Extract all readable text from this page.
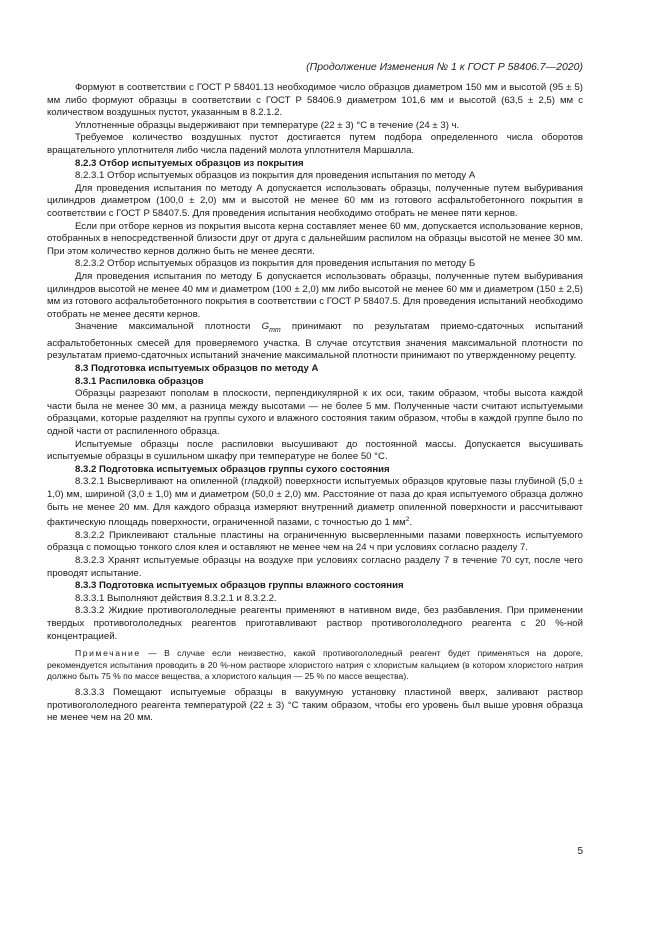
(Продолжение Изменения № 1 к ГОСТ Р 58406.7—2020)

Формуют в соответствии с ГОСТ Р 58401.13 необходимое число образцов диаметром 150 мм и высотой (95 ± 5) мм либо формуют образцы в соответствии с ГОСТ Р 58406.9 диаметром 101,6 мм и высотой (63,5 ± 2,5) мм с количеством воздушных пустот, указанным в 8.2.1.2.

Уплотненные образцы выдерживают при температуре (22 ± 3) °С в течение (24 ± 3) ч.

Требуемое количество воздушных пустот достигается путем подбора определенного числа оборотов вращательного уплотнителя либо числа падений молота уплотнителя Маршалла.

8.2.3 Отбор испытуемых образцов из покрытия

8.2.3.1 Отбор испытуемых образцов из покрытия для проведения испытания по методу А

Для проведения испытания по методу А допускается использовать образцы, полученные путем выбуривания цилиндров диаметром (100,0 ± 2,0) мм и высотой не менее 60 мм из готового асфальтобетонного покрытия в соответствии с ГОСТ Р 58407.5. Для проведения испытания необходимо отобрать не менее пяти кернов.

Если при отборе кернов из покрытия высота керна составляет менее 60 мм, допускается использование кернов, отобранных в непосредственной близости друг от друга с дальнейшим распилом на образцы высотой не менее 30 мм. При этом количество кернов должно быть не менее десяти.

8.2.3.2 Отбор испытуемых образцов из покрытия для проведения испытания по методу Б

Для проведения испытания по методу Б допускается использовать образцы, полученные путем выбуривания цилиндров высотой не менее 40 мм и диаметром (100 ± 2,0) мм либо высотой не менее 60 мм и диаметром (150 ± 2,5) мм из готового асфальтобетонного покрытия в соответствии с ГОСТ Р 58407.5. Для проведения испытаний необходимо отобрать не менее десяти кернов.

Значение максимальной плотности $G_{mm}$ принимают по результатам приемо-сдаточных испытаний асфальтобетонных смесей для проверяемого участка. В случае отсутствия значения максимальной плотности по результатам приемо-сдаточных испытаний значение максимальной плотности принимают по утвержденному рецепту.

8.3 Подготовка испытуемых образцов по методу А

8.3.1 Распиловка образцов

Образцы разрезают пополам в плоскости, перпендикулярной к их оси, таким образом, чтобы высота каждой части была не менее 30 мм, а разница между высотами — не более 5 мм. Полученные части считают испытуемыми образцами, которые разделяют на группы сухого и влажного состояния таким образом, чтобы в каждой группе было по одной части от распиленного образца.

Испытуемые образцы после распиловки высушивают до постоянной массы. Допускается высушивать испытуемые образцы в сушильном шкафу при температуре не более 50 °С.

8.3.2 Подготовка испытуемых образцов группы сухого состояния

8.3.2.1 Высверливают на опиленной (гладкой) поверхности испытуемых образцов круговые пазы глубиной (5,0 ± 1,0) мм, шириной (3,0 ± 1,0) мм и диаметром (50,0 ± 2,0) мм. Расстояние от паза до края испытуемого образца должно быть не менее 20 мм. Для каждого образца измеряют внутренний диаметр опиленной поверхности и рассчитывают фактическую площадь поверхности, ограниченной пазами, с точностью до 1 $мм^2$.

8.3.2.2 Приклеивают стальные пластины на ограниченную высверленными пазами поверхность испытуемого образца с помощью тонкого слоя клея и оставляют не менее чем на 24 ч при условиях согласно разделу 7.

8.3.2.3 Хранят испытуемые образцы на воздухе при условиях согласно разделу 7 в течение 70 сут, после чего проводят испытание.

8.3.3 Подготовка испытуемых образцов группы влажного состояния

8.3.3.1 Выполняют действия 8.3.2.1 и 8.3.2.2.

8.3.3.2 Жидкие противогололедные реагенты применяют в нативном виде, без разбавления. При применении твердых противогололедных реагентов приготавливают раствор противогололедного реагента с 20 %-ной концентрацией.

Примечание — В случае если неизвестно, какой противогололедный реагент будет применяться на дороге, рекомендуется испытания проводить в 20 %-ном растворе хлористого натрия с хлористым кальцием (в котором хлористого натрия должно быть 75 % по массе вещества, а хлористого кальция — 25 % по массе вещества).

8.3.3.3 Помещают испытуемые образцы в вакуумную установку пластиной вверх, заливают раствор противогололедного реагента температурой (22 ± 3) °С таким образом, чтобы его уровень был выше уровня образца не менее чем на 20 мм.

5
